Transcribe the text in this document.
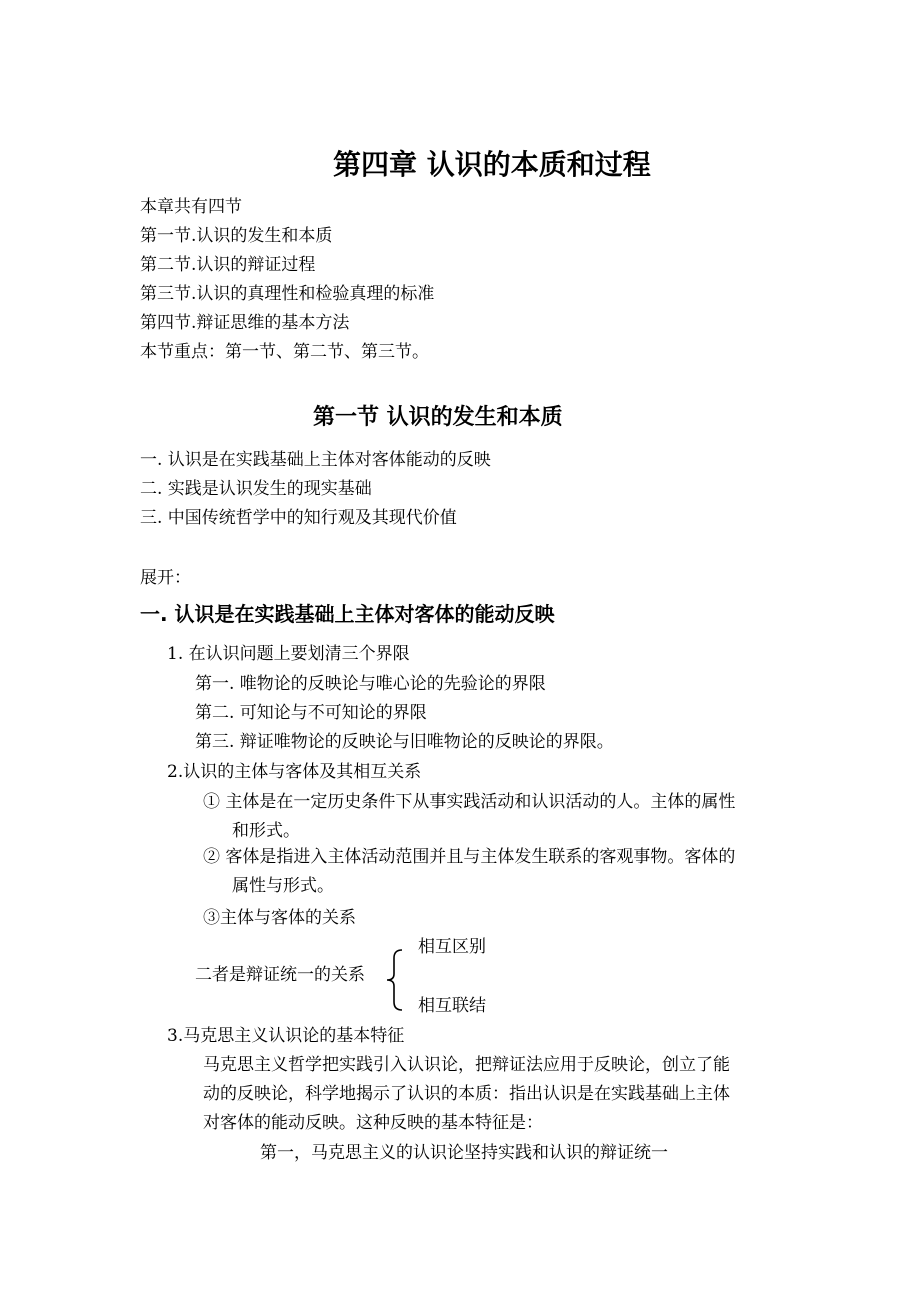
第四章 认识的本质和过程
本章共有四节
第一节.认识的发生和本质
第二节.认识的辩证过程
第三节.认识的真理性和检验真理的标准
第四节.辩证思维的基本方法
本节重点：第一节、第二节、第三节。
第一节 认识的发生和本质
一. 认识是在实践基础上主体对客体能动的反映
二. 实践是认识发生的现实基础
三. 中国传统哲学中的知行观及其现代价值
展开：
一. 认识是在实践基础上主体对客体的能动反映
1. 在认识问题上要划清三个界限
第一. 唯物论的反映论与唯心论的先验论的界限
第二. 可知论与不可知论的界限
第三. 辩证唯物论的反映论与旧唯物论的反映论的界限。
2.认识的主体与客体及其相互关系
① 主体是在一定历史条件下从事实践活动和认识活动的人。主体的属性
和形式。
② 客体是指进入主体活动范围并且与主体发生联系的客观事物。客体的
属性与形式。
③主体与客体的关系
相互区别
二者是辩证统一的关系
相互联结
3.马克思主义认识论的基本特征
马克思主义哲学把实践引入认识论，把辩证法应用于反映论，创立了能
动的反映论，科学地揭示了认识的本质：指出认识是在实践基础上主体
对客体的能动反映。这种反映的基本特征是：
第一，马克思主义的认识论坚持实践和认识的辩证统一
